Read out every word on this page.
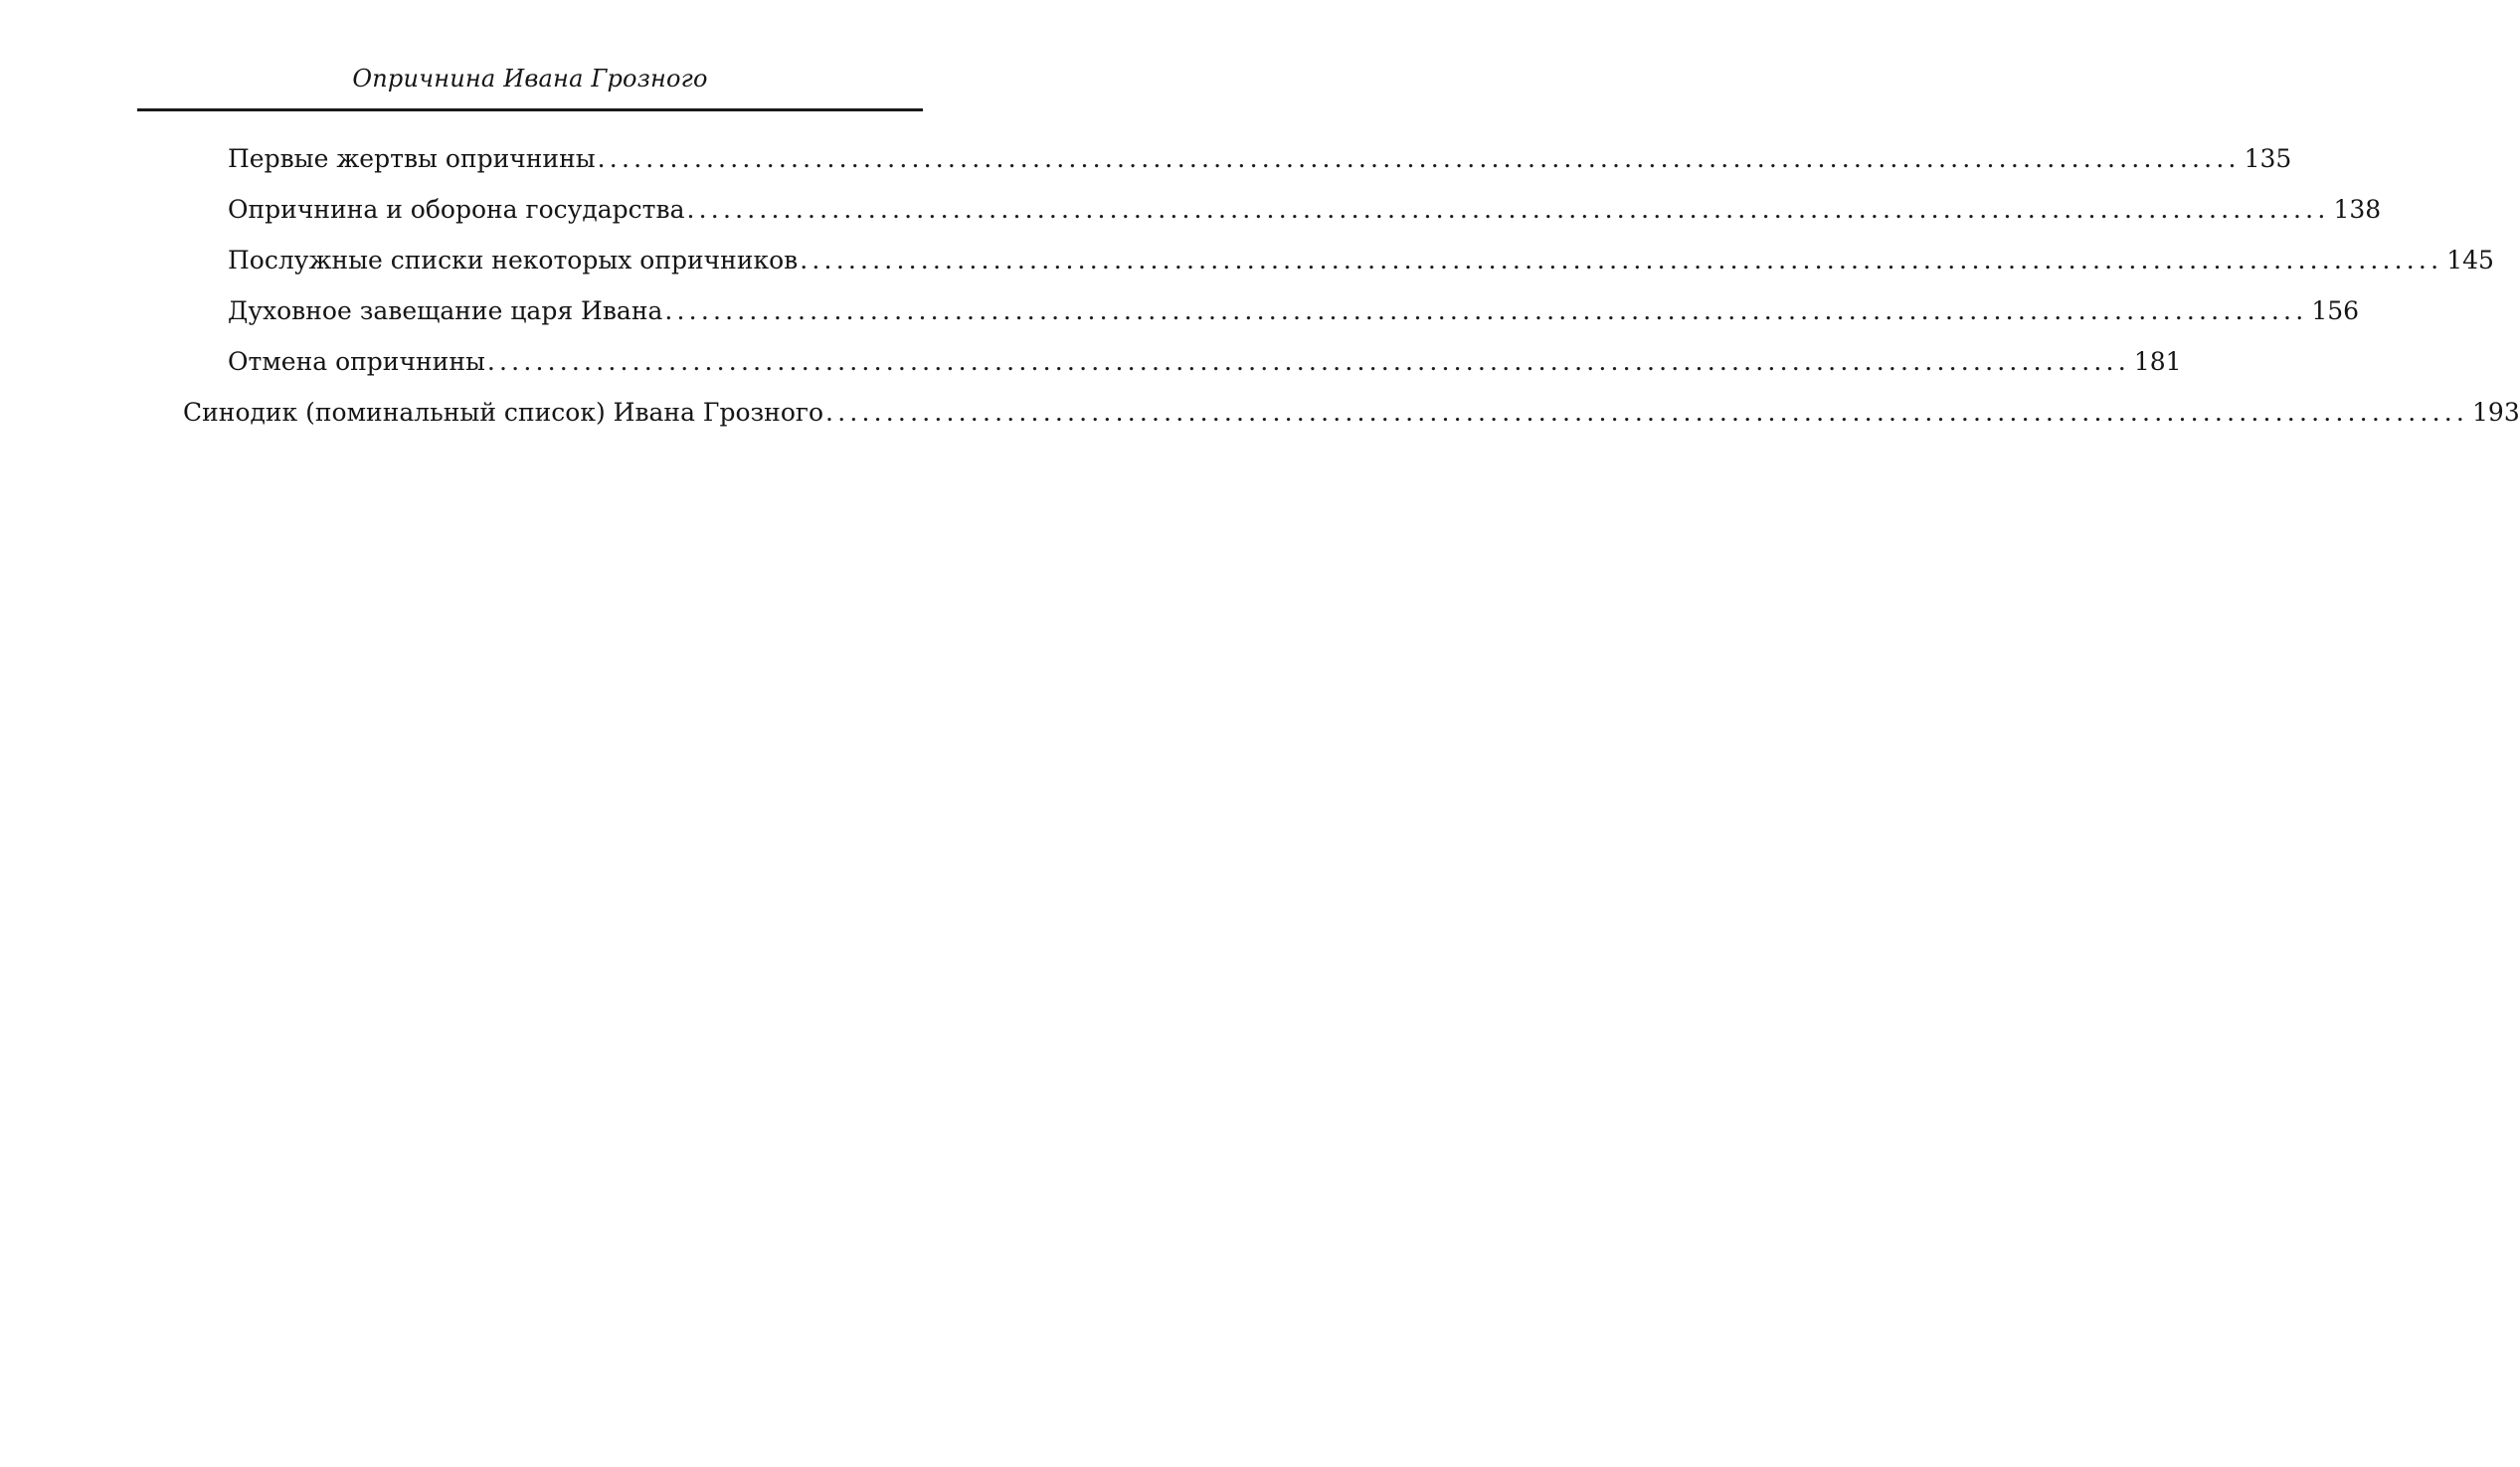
Опричнина Ивана Грозного
Первые жертвы опричнины ........................................................................................................................................ 135
Опричнина и оборона государства ........................................................................................................................................ 138
Послужные списки некоторых опричников ........................................................................................................................................ 145
Духовное завещание царя Ивана ........................................................................................................................................ 156
Отмена опричнины ........................................................................................................................................ 181
Синодик (поминальный список) Ивана Грозного ........................................................................................................................................ 193
